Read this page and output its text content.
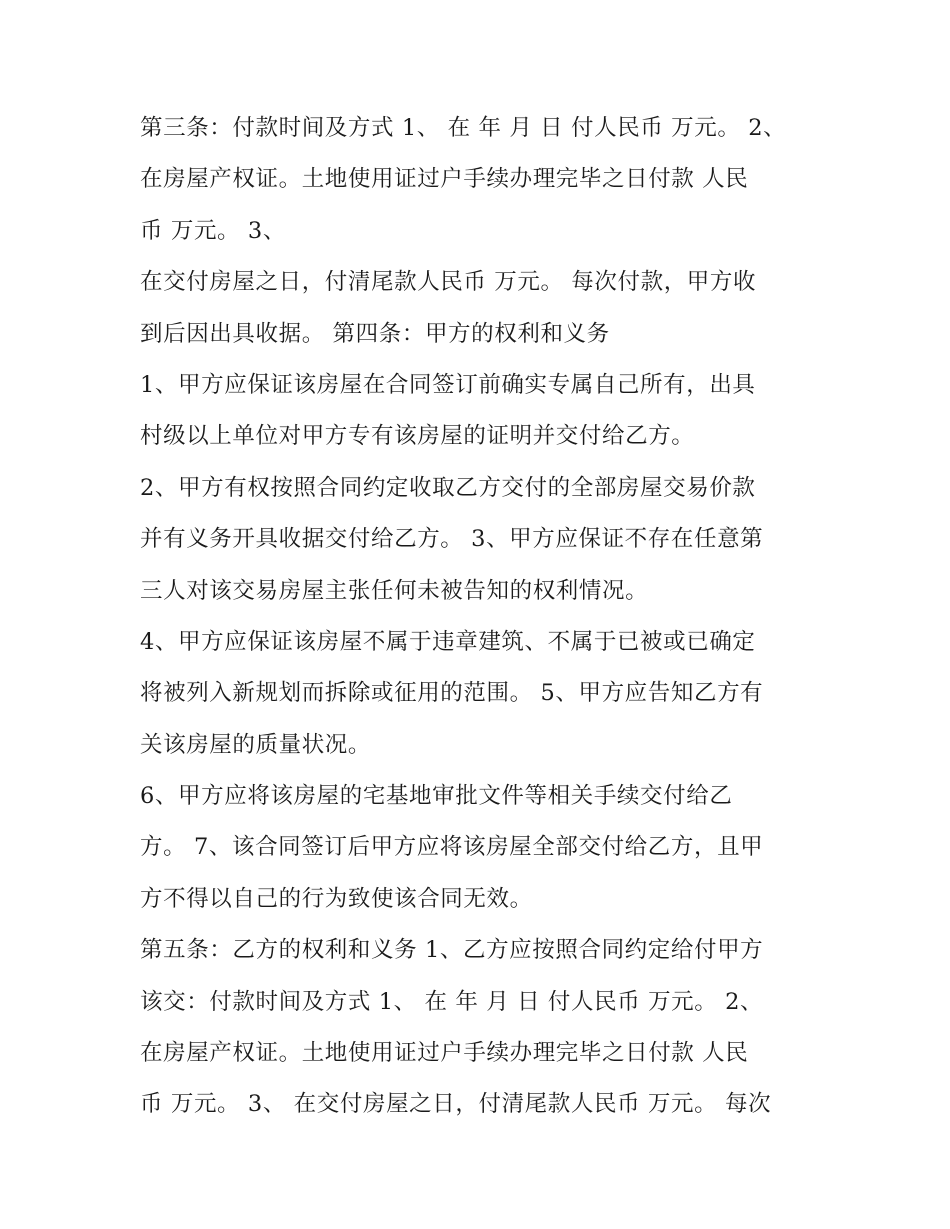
第三条：付款时间及方式 1、 在 年 月 日 付人民币 万元。 2、
在房屋产权证。土地使用证过户手续办理完毕之日付款 人民
币 万元。 3、
在交付房屋之日，付清尾款人民币 万元。 每次付款，甲方收
到后因出具收据。 第四条：甲方的权利和义务
1、甲方应保证该房屋在合同签订前确实专属自己所有，出具
村级以上单位对甲方专有该房屋的证明并交付给乙方。
2、甲方有权按照合同约定收取乙方交付的全部房屋交易价款
并有义务开具收据交付给乙方。 3、甲方应保证不存在任意第
三人对该交易房屋主张任何未被告知的权利情况。
4、甲方应保证该房屋不属于违章建筑、不属于已被或已确定
将被列入新规划而拆除或征用的范围。 5、甲方应告知乙方有
关该房屋的质量状况。
6、甲方应将该房屋的宅基地审批文件等相关手续交付给乙
方。 7、该合同签订后甲方应将该房屋全部交付给乙方，且甲
方不得以自己的行为致使该合同无效。
第五条：乙方的权利和义务 1、乙方应按照合同约定给付甲方
该交：付款时间及方式 1、 在 年 月 日 付人民币 万元。 2、
在房屋产权证。土地使用证过户手续办理完毕之日付款 人民
币 万元。 3、 在交付房屋之日，付清尾款人民币 万元。 每次
